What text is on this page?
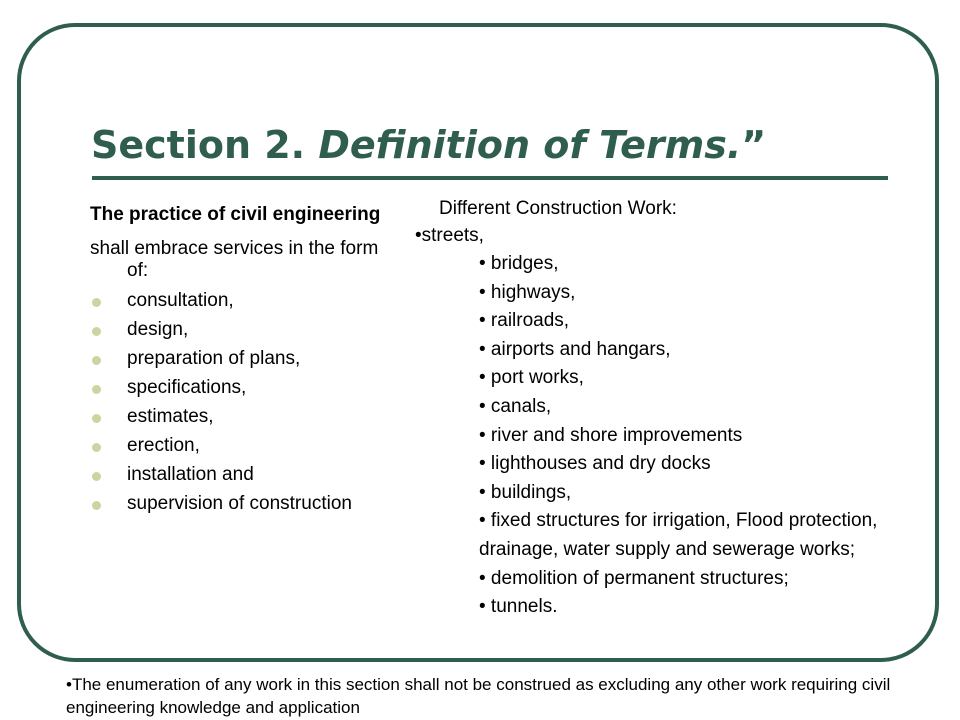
Section 2. Definition of Terms.”
The practice of civil engineering
shall embrace services in the form of:
consultation,
design,
preparation of plans,
specifications,
estimates,
erection,
installation and
supervision of construction
Different Construction Work:
•streets,
• bridges,
• highways,
• railroads,
• airports and hangars,
• port works,
• canals,
• river and shore improvements
• lighthouses and dry docks
• buildings,
• fixed structures for irrigation, Flood protection, drainage, water supply and sewerage works;
• demolition of permanent structures;
• tunnels.
•The enumeration of any work in this section shall not be construed as excluding any other work requiring civil engineering knowledge and application
